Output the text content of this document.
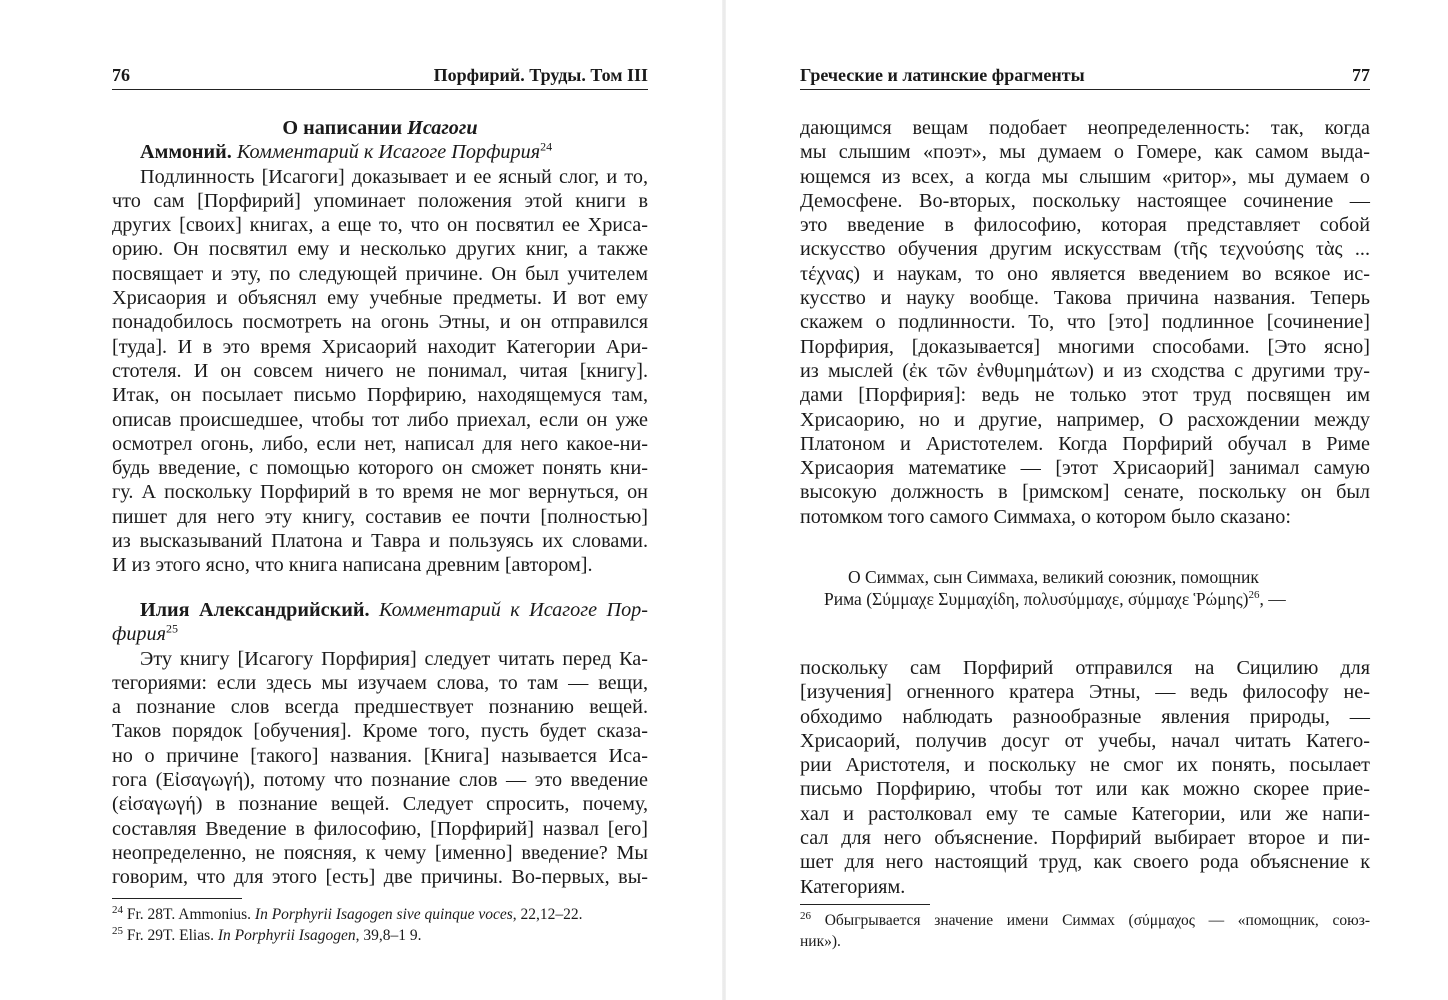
76	Порфирий. Труды. Том III
О написании Исагоги
Аммоний. Комментарий к Исагоге Порфирия$^{24}$
Подлинность [Исагоги] доказывает и ее ясный слог, и то,
что сам [Порфирий] упоминает положения этой книги в
других [своих] книгах, а еще то, что он посвятил ее Хриса-
орию. Он посвятил ему и несколько других книг, а также
посвящает и эту, по следующей причине. Он был учителем
Хрисаория и объяснял ему учебные предметы. И вот ему
понадобилось посмотреть на огонь Этны, и он отправился
[туда]. И в это время Хрисаорий находит Категории Ари-
стотеля. И он совсем ничего не понимал, читая [книгу].
Итак, он посылает письмо Порфирию, находящемуся там,
описав происшедшее, чтобы тот либо приехал, если он уже
осмотрел огонь, либо, если нет, написал для него какое-ни-
будь введение, с помощью которого он сможет понять кни-
гу. А поскольку Порфирий в то время не мог вернуться, он
пишет для него эту книгу, составив ее почти [полностью]
из высказываний Платона и Тавра и пользуясь их словами.
И из этого ясно, что книга написана древним [автором].
Илия Александрийский. Комментарий к Исагоге Пор-
фирия$^{25}$
Эту книгу [Исагогу Порфирия] следует читать перед Ка-
тегориями: если здесь мы изучаем слова, то там — вещи,
а познание слов всегда предшествует познанию вещей.
Таков порядок [обучения]. Кроме того, пусть будет сказа-
но о причине [такого] названия. [Книга] называется Иса-
гога (Εἰσαγωγή), потому что познание слов — это введение
(εἰσαγωγή) в познание вещей. Следует спросить, почему,
составляя Введение в философию, [Порфирий] назвал [его]
неопределенно, не поясняя, к чему [именно] введение? Мы
говорим, что для этого [есть] две причины. Во-первых, вы-
$^{24}$ Fr. 28T. Ammonius. In Porphyrii Isagogen sive quinque voces, 22,12–22.
$^{25}$ Fr. 29T. Elias. In Porphyrii Isagogen, 39,8–1 9.
Греческие и латинские фрагменты	77
дающимся вещам подобает неопределенность: так, когда
мы слышим «поэт», мы думаем о Гомере, как самом выда-
ющемся из всех, а когда мы слышим «ритор», мы думаем о
Демосфене. Во-вторых, поскольку настоящее сочинение —
это введение в философию, которая представляет собой
искусство обучения другим искусствам (τῆς τεχνούσης τὰς ...
τέχνας) и наукам, то оно является введением во всякое ис-
кусство и науку вообще. Такова причина названия. Теперь
скажем о подлинности. То, что [это] подлинное [сочинение]
Порфирия, [доказывается] многими способами. [Это ясно]
из мыслей (ἐκ τῶν ἐνθυμημάτων) и из сходства с другими тру-
дами [Порфирия]: ведь не только этот труд посвящен им
Хрисаорию, но и другие, например, О расхождении между
Платоном и Аристотелем. Когда Порфирий обучал в Риме
Хрисаория математике — [этот Хрисаорий] занимал самую
высокую должность в [римском] сенате, поскольку он был
потомком того самого Симмаха, о котором было сказано:
О Симмах, сын Симмаха, великий союзник, помощник
Рима (Σύμμαχε Συμμαχίδη, πολυσύμμαχε, σύμμαχε Ῥώμης)$^{26}$, —
поскольку сам Порфирий отправился на Сицилию для
[изучения] огненного кратера Этны, — ведь философу не-
обходимо наблюдать разнообразные явления природы, —
Хрисаорий, получив досуг от учебы, начал читать Катего-
рии Аристотеля, и поскольку не смог их понять, посылает
письмо Порфирию, чтобы тот или как можно скорее прие-
хал и растолковал ему те самые Категории, или же напи-
сал для него объяснение. Порфирий выбирает второе и пи-
шет для него настоящий труд, как своего рода объяснение к
Категориям.
$^{26}$ Обыгрывается значение имени Симмах (σύμμαχος — «помощник, союз-
ник»).
